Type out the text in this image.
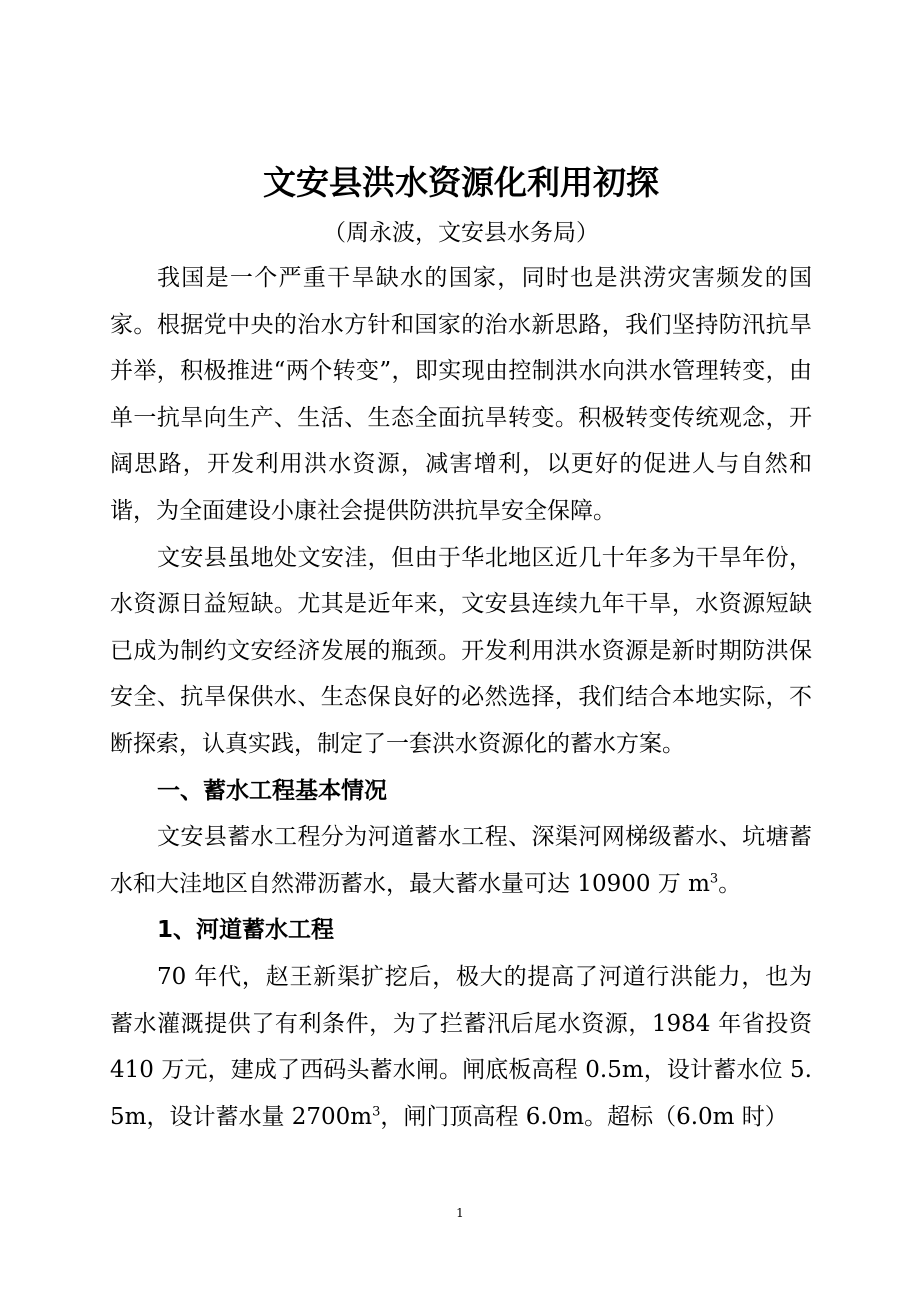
文安县洪水资源化利用初探

（周永波，文安县水务局）

我国是一个严重干旱缺水的国家，同时也是洪涝灾害频发的国家。根据党中央的治水方针和国家的治水新思路，我们坚持防汛抗旱并举，积极推进“两个转变”，即实现由控制洪水向洪水管理转变，由单一抗旱向生产、生活、生态全面抗旱转变。积极转变传统观念，开阔思路，开发利用洪水资源，减害增利，以更好的促进人与自然和谐，为全面建设小康社会提供防洪抗旱安全保障。

文安县虽地处文安洼，但由于华北地区近几十年多为干旱年份，水资源日益短缺。尤其是近年来，文安县连续九年干旱，水资源短缺已成为制约文安经济发展的瓶颈。开发利用洪水资源是新时期防洪保安全、抗旱保供水、生态保良好的必然选择，我们结合本地实际，不断探索，认真实践，制定了一套洪水资源化的蓄水方案。

一、蓄水工程基本情况

文安县蓄水工程分为河道蓄水工程、深渠河网梯级蓄水、坑塘蓄水和大洼地区自然滞沥蓄水，最大蓄水量可达 10900 万 $m^3$。

1、河道蓄水工程

70 年代，赵王新渠扩挖后，极大的提高了河道行洪能力，也为蓄水灌溉提供了有利条件，为了拦蓄汛后尾水资源，1984 年省投资 410 万元，建成了西码头蓄水闸。闸底板高程 0.5m，设计蓄水位 5.5m，设计蓄水量 $2700m^3$，闸门顶高程 6.0m。超标（6.0m 时）

1
